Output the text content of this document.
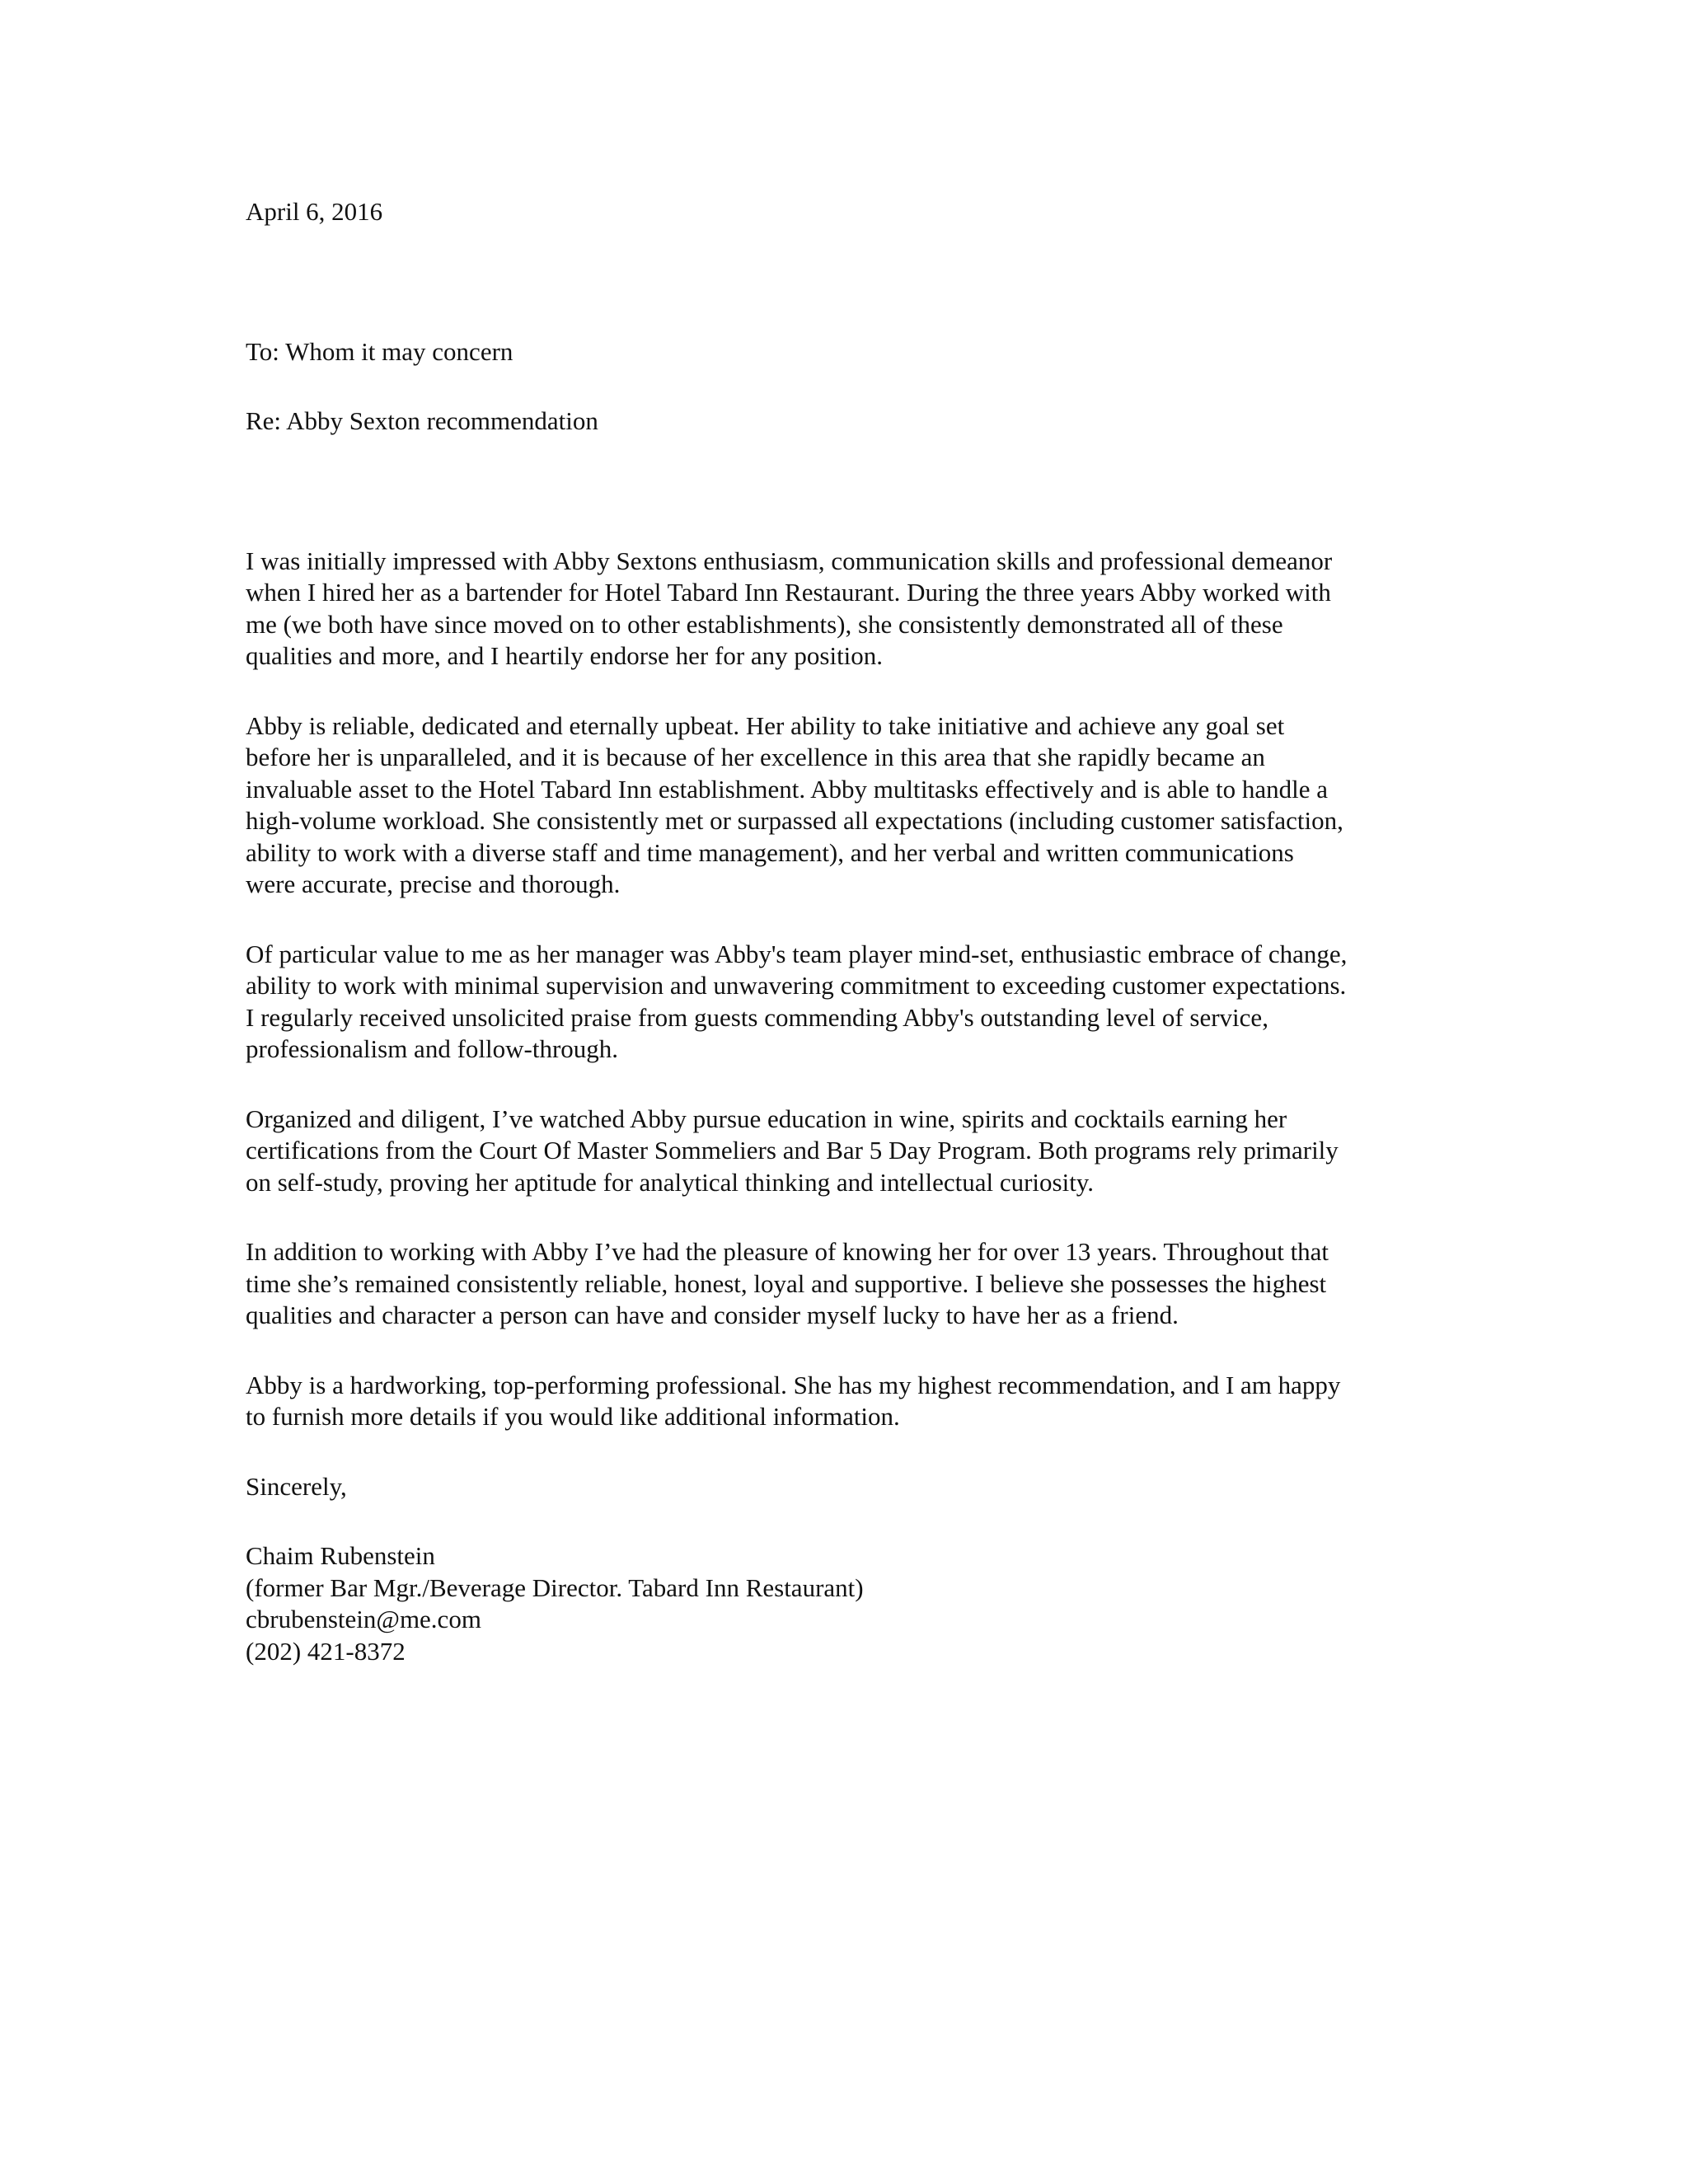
April 6, 2016
To: Whom it may concern
Re: Abby Sexton recommendation
I was initially impressed with Abby Sextons enthusiasm, communication skills and professional demeanor
when I hired her as a bartender for Hotel Tabard Inn Restaurant. During the three years Abby worked with
me (we both have since moved on to other establishments), she consistently demonstrated all of these
qualities and more, and I heartily endorse her for any position.
Abby is reliable, dedicated and eternally upbeat. Her ability to take initiative and achieve any goal set
before her is unparalleled, and it is because of her excellence in this area that she rapidly became an
invaluable asset to the Hotel Tabard Inn establishment. Abby multitasks effectively and is able to handle a
high-volume workload. She consistently met or surpassed all expectations (including customer satisfaction,
ability to work with a diverse staff and time management), and her verbal and written communications
were accurate, precise and thorough.
Of particular value to me as her manager was Abby's team player mind-set, enthusiastic embrace of change,
ability to work with minimal supervision and unwavering commitment to exceeding customer expectations.
I regularly received unsolicited praise from guests commending Abby's outstanding level of service,
professionalism and follow-through.
Organized and diligent, I’ve watched Abby pursue education in wine, spirits and cocktails earning her
certifications from the Court Of Master Sommeliers and Bar 5 Day Program. Both programs rely primarily
on self-study, proving her aptitude for analytical thinking and intellectual curiosity.
In addition to working with Abby I’ve had the pleasure of knowing her for over 13 years. Throughout that
time she’s remained consistently reliable, honest, loyal and supportive. I believe she possesses the highest
qualities and character a person can have and consider myself lucky to have her as a friend.
Abby is a hardworking, top-performing professional. She has my highest recommendation, and I am happy
to furnish more details if you would like additional information.
Sincerely,
Chaim Rubenstein
(former Bar Mgr./Beverage Director. Tabard Inn Restaurant)
cbrubenstein@me.com
(202) 421-8372
